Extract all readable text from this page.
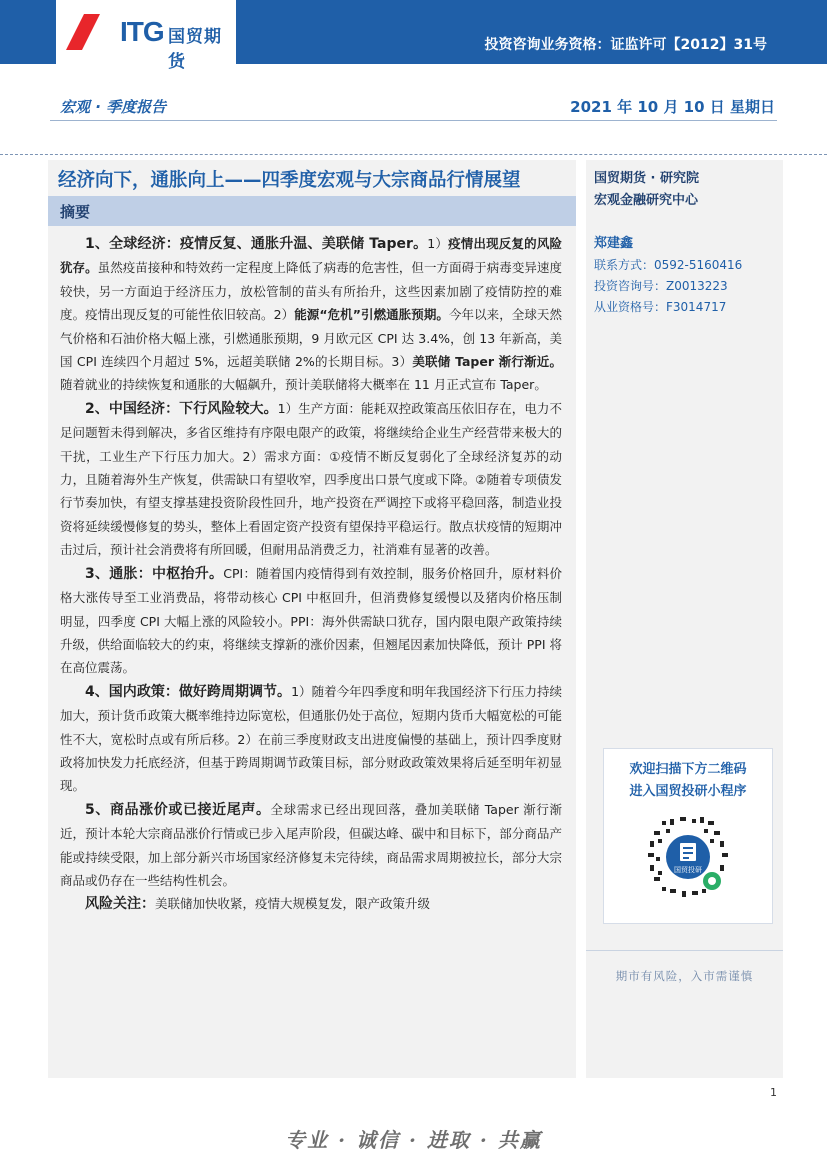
ITG 国贸期货
投资咨询业务资格：证监许可【2012】31号
宏观 · 季度报告	2021 年 10 月 10 日 星期日
经济向下，通胀向上——四季度宏观与大宗商品行情展望
摘要

1、全球经济：疫情反复、通胀升温、美联储 Taper。1）疫情出现反复的风险犹存。虽然疫苗接种和特效药一定程度上降低了病毒的危害性，但一方面碍于病毒变异速度较快，另一方面迫于经济压力，放松管制的苗头有所抬升，这些因素加剧了疫情防控的难度。疫情出现反复的可能性依旧较高。2）能源“危机”引燃通胀预期。今年以来，全球天然气价格和石油价格大幅上涨，引燃通胀预期，9 月欧元区 CPI 达 3.4%，创 13 年新高，美国 CPI 连续四个月超过 5%，远超美联储 2%的长期目标。3）美联储 Taper 渐行渐近。随着就业的持续恢复和通胀的大幅飙升，预计美联储将大概率在 11 月正式宣布 Taper。

2、中国经济：下行风险较大。1）生产方面：能耗双控政策高压依旧存在，电力不足问题暂未得到解决，多省区维持有序限电限产的政策，将继续给企业生产经营带来极大的干扰，工业生产下行压力加大。2）需求方面：①疫情不断反复弱化了全球经济复苏的动力，且随着海外生产恢复，供需缺口有望收窄，四季度出口景气度或下降。②随着专项债发行节奏加快，有望支撑基建投资阶段性回升，地产投资在严调控下或将平稳回落，制造业投资将延续缓慢修复的势头，整体上看固定资产投资有望保持平稳运行。散点状疫情的短期冲击过后，预计社会消费将有所回暖，但耐用品消费乏力，社消难有显著的改善。

3、通胀：中枢抬升。CPI：随着国内疫情得到有效控制，服务价格回升，原材料价格大涨传导至工业消费品，将带动核心 CPI 中枢回升，但消费修复缓慢以及猪肉价格压制明显，四季度 CPI 大幅上涨的风险较小。PPI：海外供需缺口犹存，国内限电限产政策持续升级，供给面临较大的约束，将继续支撑新的涨价因素，但翘尾因素加快降低，预计 PPI 将在高位震荡。

4、国内政策：做好跨周期调节。1）随着今年四季度和明年我国经济下行压力持续加大，预计货币政策大概率维持边际宽松，但通胀仍处于高位，短期内货币大幅宽松的可能性不大，宽松时点或有所后移。2）在前三季度财政支出进度偏慢的基础上，预计四季度财政将加快发力托底经济，但基于跨周期调节政策目标，部分财政政策效果将后延至明年初显现。

5、商品涨价或已接近尾声。全球需求已经出现回落，叠加美联储 Taper 渐行渐近，预计本轮大宗商品涨价行情或已步入尾声阶段，但碳达峰、碳中和目标下，部分商品产能或持续受限，加上部分新兴市场国家经济修复未完待续，商品需求周期被拉长，部分大宗商品或仍存在一些结构性机会。

风险关注：美联储加快收紧，疫情大规模复发，限产政策升级

国贸期货 · 研究院
宏观金融研究中心
郑建鑫
联系方式：0592-5160416
投资咨询号：Z0013223
从业资格号：F3014717
欢迎扫描下方二维码
进入国贸投研小程序
国贸投研
期市有风险，入市需谨慎
1
专业 · 诚信 · 进取 · 共赢
